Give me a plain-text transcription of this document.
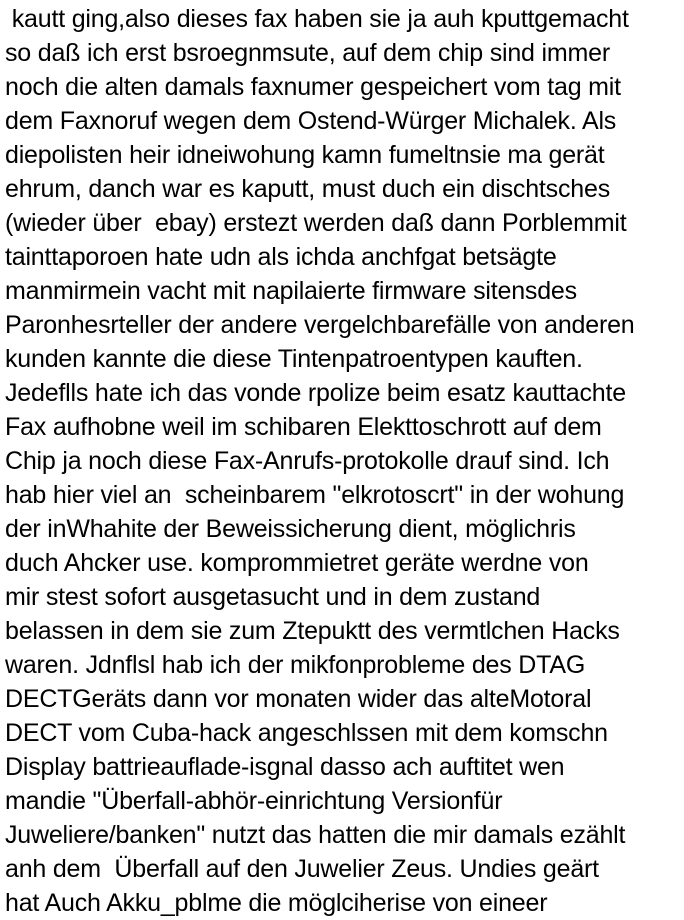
kautt ging,also dieses fax haben sie ja auh kputtgemacht
so daß ich erst bsroegnmsute, auf dem chip sind immer
noch die alten damals faxnumer gespeichert vom tag mit
dem Faxnoruf wegen dem Ostend-Würger Michalek. Als
diepolisten heir idneiwohung kamn fumeltnsie ma gerät
ehrum, danch war es kaputt, must duch ein dischtsches
(wieder über  ebay) erstezt werden daß dann Porblemmit
tainttaporoen hate udn als ichda anchfgat betsägte
manmirmein vacht mit napilaierte firmware sitensdes
Paronhesrteller der andere vergelchbarefälle von anderen
kunden kannte die diese Tintenpatroentypen kauften.
Jedeflls hate ich das vonde rpolize beim esatz kauttachte
Fax aufhobne weil im schibaren Elekttoschrott auf dem
Chip ja noch diese Fax-Anrufs-protokolle drauf sind. Ich
hab hier viel an  scheinbarem "elkrotoscrt" in der wohung
der inWhahite der Beweissicherung dient, möglichris
duch Ahcker use. komprommietret geräte werdne von
mir stest sofort ausgetasucht und in dem zustand
belassen in dem sie zum Ztepuktt des vermtlchen Hacks
waren. Jdnflsl hab ich der mikfonprobleme des DTAG
DECTGeräts dann vor monaten wider das alteMotoral
DECT vom Cuba-hack angeschlssen mit dem komschn
Display battrieauflade-isgnal dasso ach auftitet wen
mandie "Überfall-abhör-einrichtung Versionfür
Juweliere/banken" nutzt das hatten die mir damals ezählt
anh dem  Überfall auf den Juwelier Zeus. Undies geärt
hat Auch Akku_pblme die möglciherise von eineer
